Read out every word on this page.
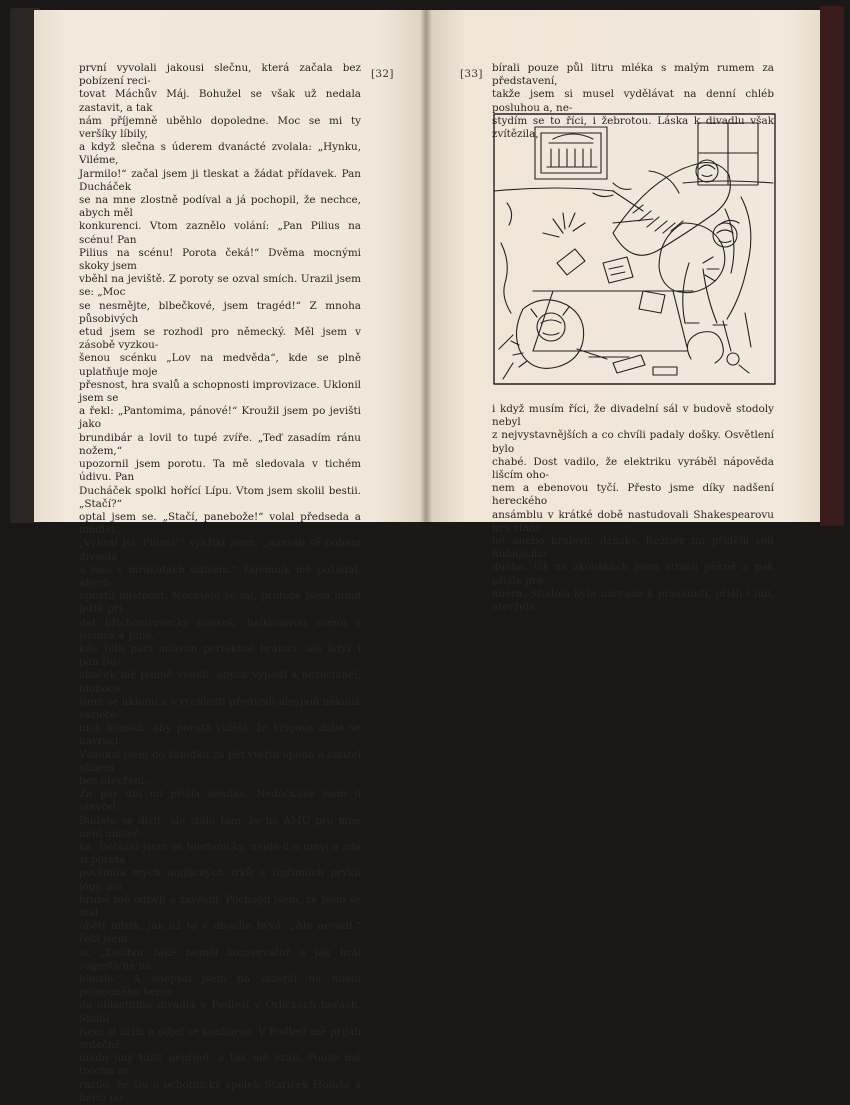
[32]	[33]
první vyvolali jakousi slečnu, která začala bez pobízení reci-
tovat Máchův Máj. Bohužel se však už nedala zastavit, a tak
nám příjemně uběhlo dopoledne. Moc se mi ty veršíky líbily,
a když slečna s úderem dvanácté zvolala: „Hynku, Viléme,
Jarmilo!“ začal jsem ji tleskat a žádat přídavek. Pan Ducháček
se na mne zlostně podíval a já pochopil, že nechce, abych měl
konkurenci. Vtom zaznělo volání: „Pan Pilius na scénu! Pan
Pilius na scénu! Porota čeká!“ Dvěma mocnými skoky jsem
vběhl na jeviště. Z poroty se ozval smích. Urazil jsem se: „Moc
se nesmějte, blbečkové, jsem tragéd!“ Z mnoha působivých
etud jsem se rozhodl pro německý. Měl jsem v zásobě vyzkou-
šenou scénku „Lov na medvěda“, kde se plně uplatňuje moje
přesnost, hra svalů a schopnosti improvizace. Uklonil jsem se
a řekl: „Pantomima, pánové!“ Kroužil jsem po jevišti jako
brundibár a lovil to tupé zvíře. „Teď zasadím ránu nožem,“
upozornil jsem porotu. Ta mě sledovala v tichém údivu. Pan
Ducháček spolkl hořící Lípu. Vtom jsem skolil bestii. „Stačí?“
optal jsem se. „Stačí, panebože!“ volal předseda a omdlel.
„Vyhrál jsi, Piliusi!“ vykřikl jsem, „nazvali tě bohem divadla
a jsou v mrákotách údivem.“ Tajemník mě požádal, abych
opustil místnost. Nechtělo se mi, protože jsem mínil ještě při-
dat břichomluvecký kousek, balkónovou scénu z Romea a Julie,
kde Julii part mluvím perfektně bránicí, ale když i pan Du-
chaček mě jemně vybídl, abych vypadl a nezaclánël, hluboce
jsem se uklonil a v rychlosti předvedl alespoň několik varieté-
ních kousků, aby porota viděla, že Frigova doba se navrací.
Vsoukal jsem do žaludku za pět vteřin opona a zmizel oknem
bez otevření…
Za pár dní mi přišla obsílka. Nedočkavě jsem ji otevřel.
Budete se divit, ale stálo tam, že na AMU pro mne není místeč-
ka. Dotázal jsem se telefonicky, nejde-li o omyl a zda si porota
povšimla mých anglických trků a tigřinních prvků jógy, ale
hrubě mě odbyli a zavěsili. Pochopil jsem, že jsem se stal
obětí intrik, jak už to v divadle bývá. „Ale nevadí,“ řekl jsem
si, „Dalibor také neměl konzervatoř a jak hrál sugestivně na
housle.“ A odepsal jsem na inzerát na místo pomocného herce
do oblastního divadla v Podlesí v Orlických horách. Shalil
jsem si uzlík a odjel se konkursu. V Podlesí mě přijali srdečně,
nikdo jiný tožit nepřijel, a tak mě vzali. Pouze mě trochu za-
razilo, že šlo o ochotnický spolek Staříček Holuša a herci po-
bírali pouze půl litru mléka s malým rumem za představení,
takže jsem si musel vydělávat na denní chléb posluhou a, ne-
stydím se to říci, i žebrotou. Láska k divadlu však zvítězila,
i když musím říci, že divadelní sál v budově stodoly nebyl
z nejvystavnějších a co chvíli padaly došky. Osvětlení bylo
chabé. Dost vadilo, že elektriku vyráběl nápověda lišcím oho-
nem a ebenovou tyčí. Přesto jsme díky nadšení hereckého
ansámblu v krátké době nastudovali Shakespearovu hru Ham-
let anebo kralevic dánský. Režisér mi přidělil roli hubajícího
ducha. Už na zkouškách jsem strašil pěkně a pak přišla pre-
miéra. Stodola byla narvaná k prasknutí, přišli i lidi, otevřela
